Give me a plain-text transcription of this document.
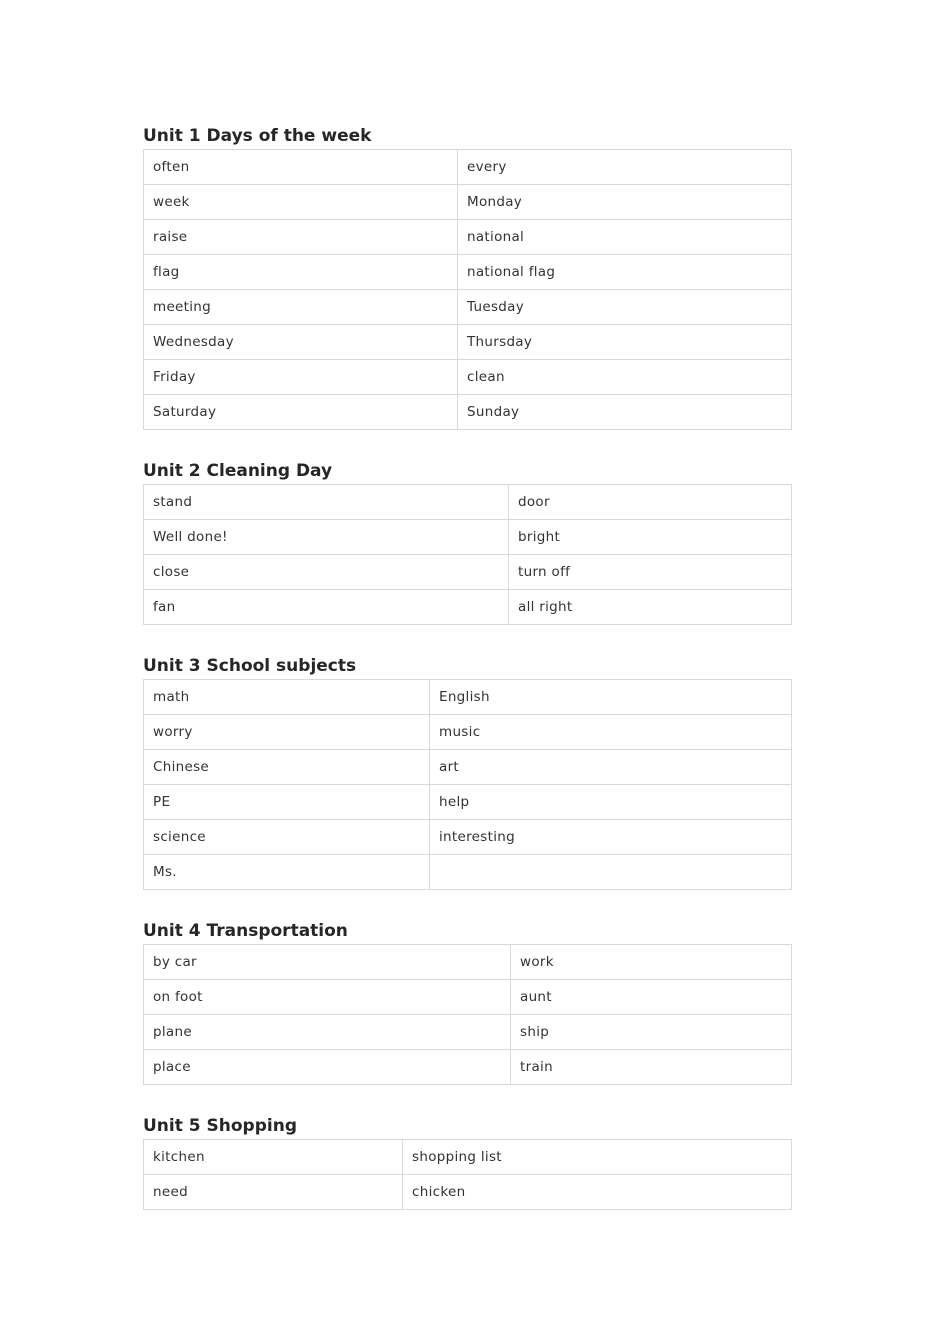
Unit 1 Days of the week
often	every
week	Monday
raise	national
flag	national flag
meeting	Tuesday
Wednesday	Thursday
Friday	clean
Saturday	Sunday
Unit 2 Cleaning Day
stand	door
Well done!	bright
close	turn off
fan	all right
Unit 3 School subjects
math	English
worry	music
Chinese	art
PE	help
science	interesting
Ms.	
Unit 4 Transportation
by car	work
on foot	aunt
plane	ship
place	train
Unit 5 Shopping
kitchen	shopping list
need	chicken
